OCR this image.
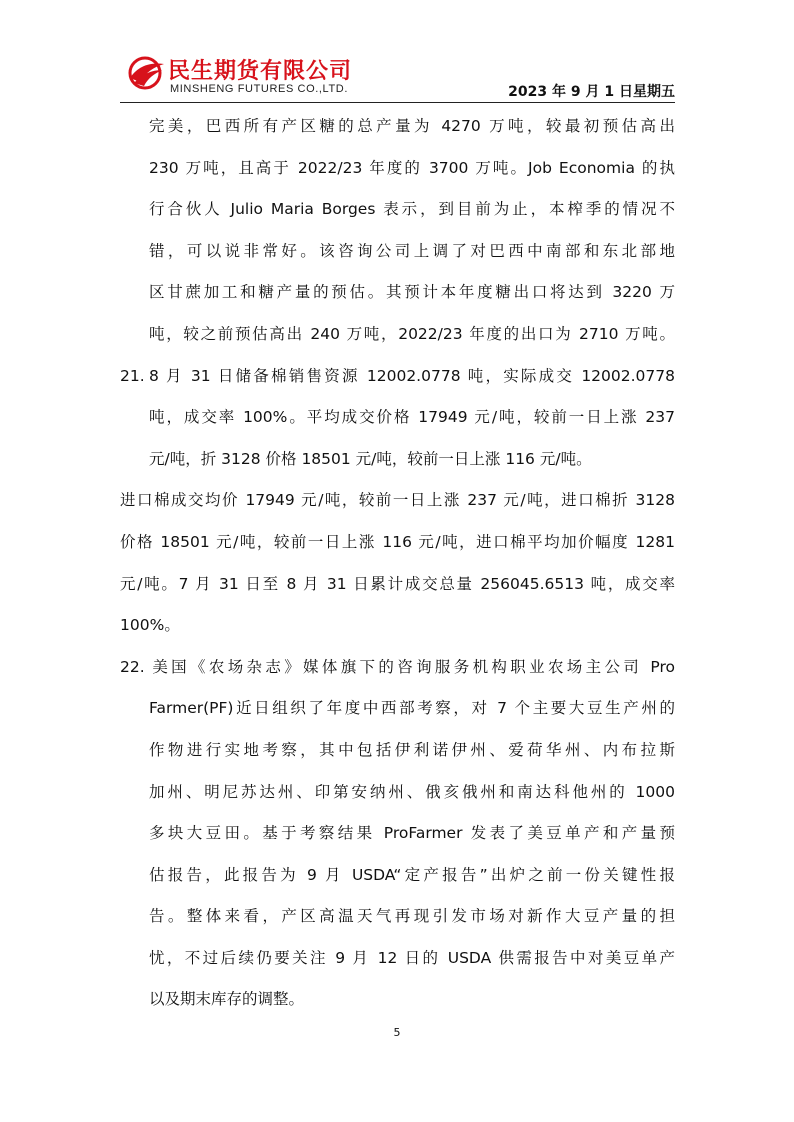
民生期货有限公司
MINSHENG FUTURES CO.,LTD.	2023 年 9 月 1 日星期五
完美，巴西所有产区糖的总产量为 4270 万吨，较最初预估高出
230 万吨，且高于 2022/23 年度的 3700 万吨。Job Economia 的执
行合伙人 Julio Maria Borges 表示，到目前为止，本榨季的情况不
错，可以说非常好。该咨询公司上调了对巴西中南部和东北部地
区甘蔗加工和糖产量的预估。其预计本年度糖出口将达到 3220 万
吨，较之前预估高出 240 万吨，2022/23 年度的出口为 2710 万吨。
21. 8 月 31 日储备棉销售资源 12002.0778 吨，实际成交 12002.0778
吨，成交率 100%。平均成交价格 17949 元/吨，较前一日上涨 237
元/吨，折 3128 价格 18501 元/吨，较前一日上涨 116 元/吨。
进口棉成交均价 17949 元/吨，较前一日上涨 237 元/吨，进口棉折 3128
价格 18501 元/吨，较前一日上涨 116 元/吨，进口棉平均加价幅度 1281
元/吨。7 月 31 日至 8 月 31 日累计成交总量 256045.6513 吨，成交率
100%。
22. 美国《农场杂志》媒体旗下的咨询服务机构职业农场主公司 Pro
Farmer(PF)近日组织了年度中西部考察，对 7 个主要大豆生产州的
作物进行实地考察，其中包括伊利诺伊州、爱荷华州、内布拉斯
加州、明尼苏达州、印第安纳州、俄亥俄州和南达科他州的 1000
多块大豆田。基于考察结果 ProFarmer 发表了美豆单产和产量预
估报告，此报告为 9 月 USDA“定产报告”出炉之前一份关键性报
告。整体来看，产区高温天气再现引发市场对新作大豆产量的担
忧，不过后续仍要关注 9 月 12 日的 USDA 供需报告中对美豆单产
以及期末库存的调整。
5
